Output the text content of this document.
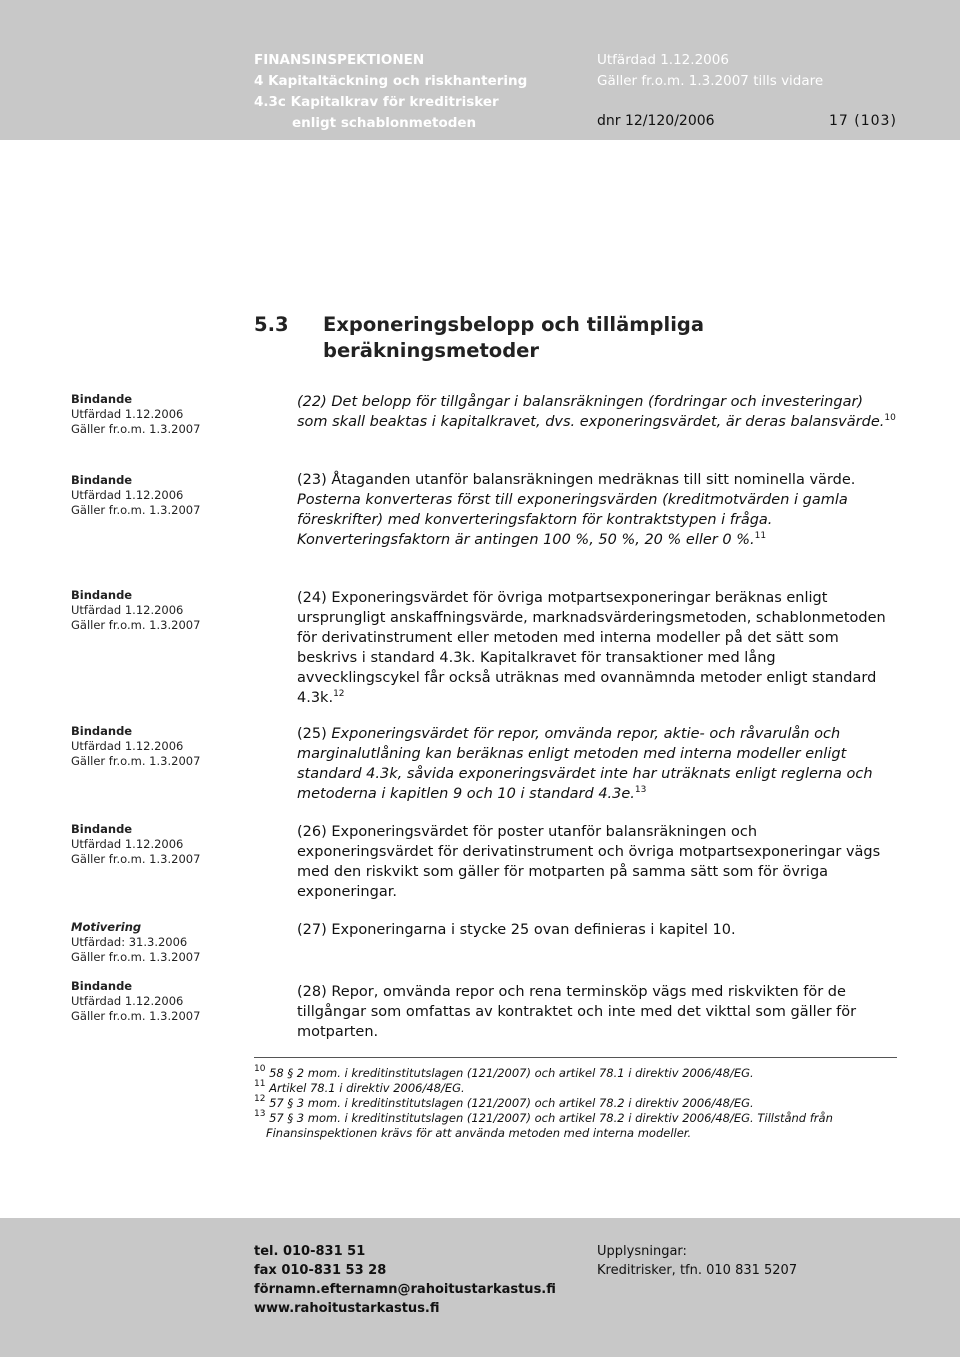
FINANSINSPEKTIONEN
4 Kapitaltäckning och riskhantering
4.3c Kapitalkrav för kreditrisker
enligt schablonmetoden
Utfärdad 1.12.2006
Gäller fr.o.m. 1.3.2007 tills vidare
dnr 12/120/2006	17 (103)
5.3 Exponeringsbelopp och tillämpliga
beräkningsmetoder
Bindande
Utfärdad 1.12.2006
Gäller fr.o.m. 1.3.2007
Bindande
Utfärdad 1.12.2006
Gäller fr.o.m. 1.3.2007
Bindande
Utfärdad 1.12.2006
Gäller fr.o.m. 1.3.2007
Bindande
Utfärdad 1.12.2006
Gäller fr.o.m. 1.3.2007
Bindande
Utfärdad 1.12.2006
Gäller fr.o.m. 1.3.2007
Motivering
Utfärdad: 31.3.2006
Gäller fr.o.m. 1.3.2007
Bindande
Utfärdad 1.12.2006
Gäller fr.o.m. 1.3.2007
(22) Det belopp för tillgångar i balansräkningen (fordringar och investeringar) som skall beaktas i kapitalkravet, dvs. exponeringsvärdet, är deras balansvärde.$^{10}$
(23) Åtaganden utanför balansräkningen medräknas till sitt nominella värde. Posterna konverteras först till exponeringsvärden (kreditmotvärden i gamla föreskrifter) med konverteringsfaktorn för kontraktstypen i fråga. Konverteringsfaktorn är antingen 100 %, 50 %, 20 % eller 0 %.$^{11}$
(24) Exponeringsvärdet för övriga motpartsexponeringar beräknas enligt ursprungligt anskaffningsvärde, marknadsvärderingsmetoden, schablonmetoden för derivatinstrument eller metoden med interna modeller på det sätt som beskrivs i standard 4.3k. Kapitalkravet för transaktioner med lång avvecklingscykel får också uträknas med ovannämnda metoder enligt standard 4.3k.$^{12}$
(25) Exponeringsvärdet för repor, omvända repor, aktie- och råvarulån och marginalutlåning kan beräknas enligt metoden med interna modeller enligt standard 4.3k, såvida exponeringsvärdet inte har uträknats enligt reglerna och metoderna i kapitlen 9 och 10 i standard 4.3e.$^{13}$
(26) Exponeringsvärdet för poster utanför balansräkningen och exponeringsvärdet för derivatinstrument och övriga motpartsexponeringar vägs med den riskvikt som gäller för motparten på samma sätt som för övriga exponeringar.
(27) Exponeringarna i stycke 25 ovan definieras i kapitel 10.
(28) Repor, omvända repor och rena terminsköp vägs med riskvikten för de tillgångar som omfattas av kontraktet och inte med det vikttal som gäller för motparten.
$^{10}$ 58 § 2 mom. i kreditinstitutslagen (121/2007) och artikel 78.1 i direktiv 2006/48/EG.
$^{11}$ Artikel 78.1 i direktiv 2006/48/EG.
$^{12}$ 57 § 3 mom. i kreditinstitutslagen (121/2007) och artikel 78.2 i direktiv 2006/48/EG.
$^{13}$ 57 § 3 mom. i kreditinstitutslagen (121/2007) och artikel 78.2 i direktiv 2006/48/EG. Tillstånd från
Finansinspektionen krävs för att använda metoden med interna modeller.
tel. 010-831 51
fax 010-831 53 28
förnamn.efternamn@rahoitustarkastus.fi
www.rahoitustarkastus.fi
Upplysningar:
Kreditrisker, tfn. 010 831 5207
